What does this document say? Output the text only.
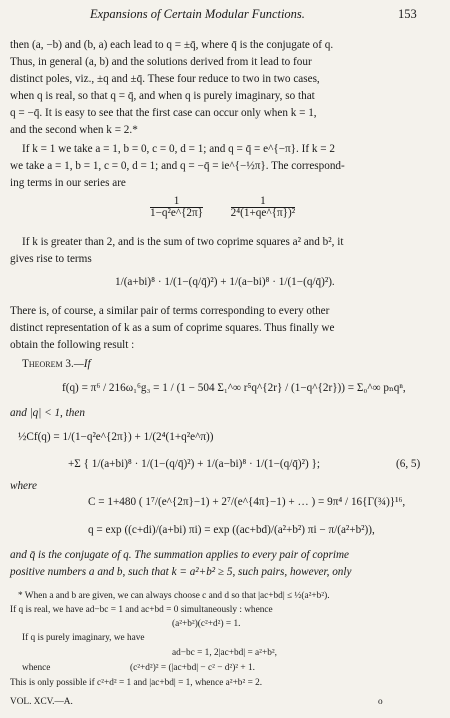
Expansions of Certain Modular Functions.	153
then (a, −b) and (b, a) each lead to q = ±q̄, where q̄ is the conjugate of q.
Thus, in general (a, b) and the solutions derived from it lead to four
distinct poles, viz., ±q and ±q̄. These four reduce to two in two cases,
when q is real, so that q = q̄, and when q is purely imaginary, so that
q = −q̄. It is easy to see that the first case can occur only when k = 1,
and the second when k = 2.*
If k = 1 we take a = 1, b = 0, c = 0, d = 1; and q = q̄ = e^{−π}. If k = 2
we take a = 1, b = 1, c = 0, d = 1; and q = −q̄ = ie^{−½π}. The correspond-
ing terms in our series are
$\frac{1}{\text{1−q²e\textasciicircum{}\{2π\}}}$
$\frac{1}{\text{2⁴(1+qe\textasciicircum{}\{π\})²}}$
If k is greater than 2, and is the sum of two coprime squares a² and b², it
gives rise to terms
1/(a+bi)⁸ · 1/(1−(q/q̄)²) + 1/(a−bi)⁸ · 1/(1−(q/q̄)²).
There is, of course, a similar pair of terms corresponding to every other
distinct representation of k as a sum of coprime squares. Thus finally we
obtain the following result :
Theorem 3.—If
f(q) = π⁶ / 216ω₁⁶g₃ = 1 / (1 − 504 Σ₁^∞ r⁵q^{2r} / (1−q^{2r})) = Σ₀^∞ pₙqⁿ,
and |q| < 1, then
½Cf(q) = 1/(1−q²e^{2π}) + 1/(2⁴(1+q²e^π))
+Σ { 1/(a+bi)⁸ · 1/(1−(q/q̄)²) + 1/(a−bi)⁸ · 1/(1−(q/q̄)²) };	(6, 5)
where
C = 1+480 ( 1⁷/(e^{2π}−1) + 2⁷/(e^{4π}−1) + … ) = 9π⁴ / 16{Γ(¾)}¹⁶,
q = exp ((c+di)/(a+bi) πi) = exp ((ac+bd)/(a²+b²) πi − π/(a²+b²)),
and q̄ is the conjugate of q. The summation applies to every pair of coprime
positive numbers a and b, such that k = a²+b² ≥ 5, such pairs, however, only
* When a and b are given, we can always choose c and d so that |ac+bd| ≤ ½(a²+b²).
If q is real, we have ad−bc = 1 and ac+bd = 0 simultaneously : whence
(a²+b²)(c²+d²) = 1.
If q is purely imaginary, we have
ad−bc = 1, 2|ac+bd| = a²+b²,
whence	(c²+d²)² = (|ac+bd| − c² − d²)² + 1.
This is only possible if c²+d² = 1 and |ac+bd| = 1, whence a²+b² = 2.
VOL. XCV.—A.	o
